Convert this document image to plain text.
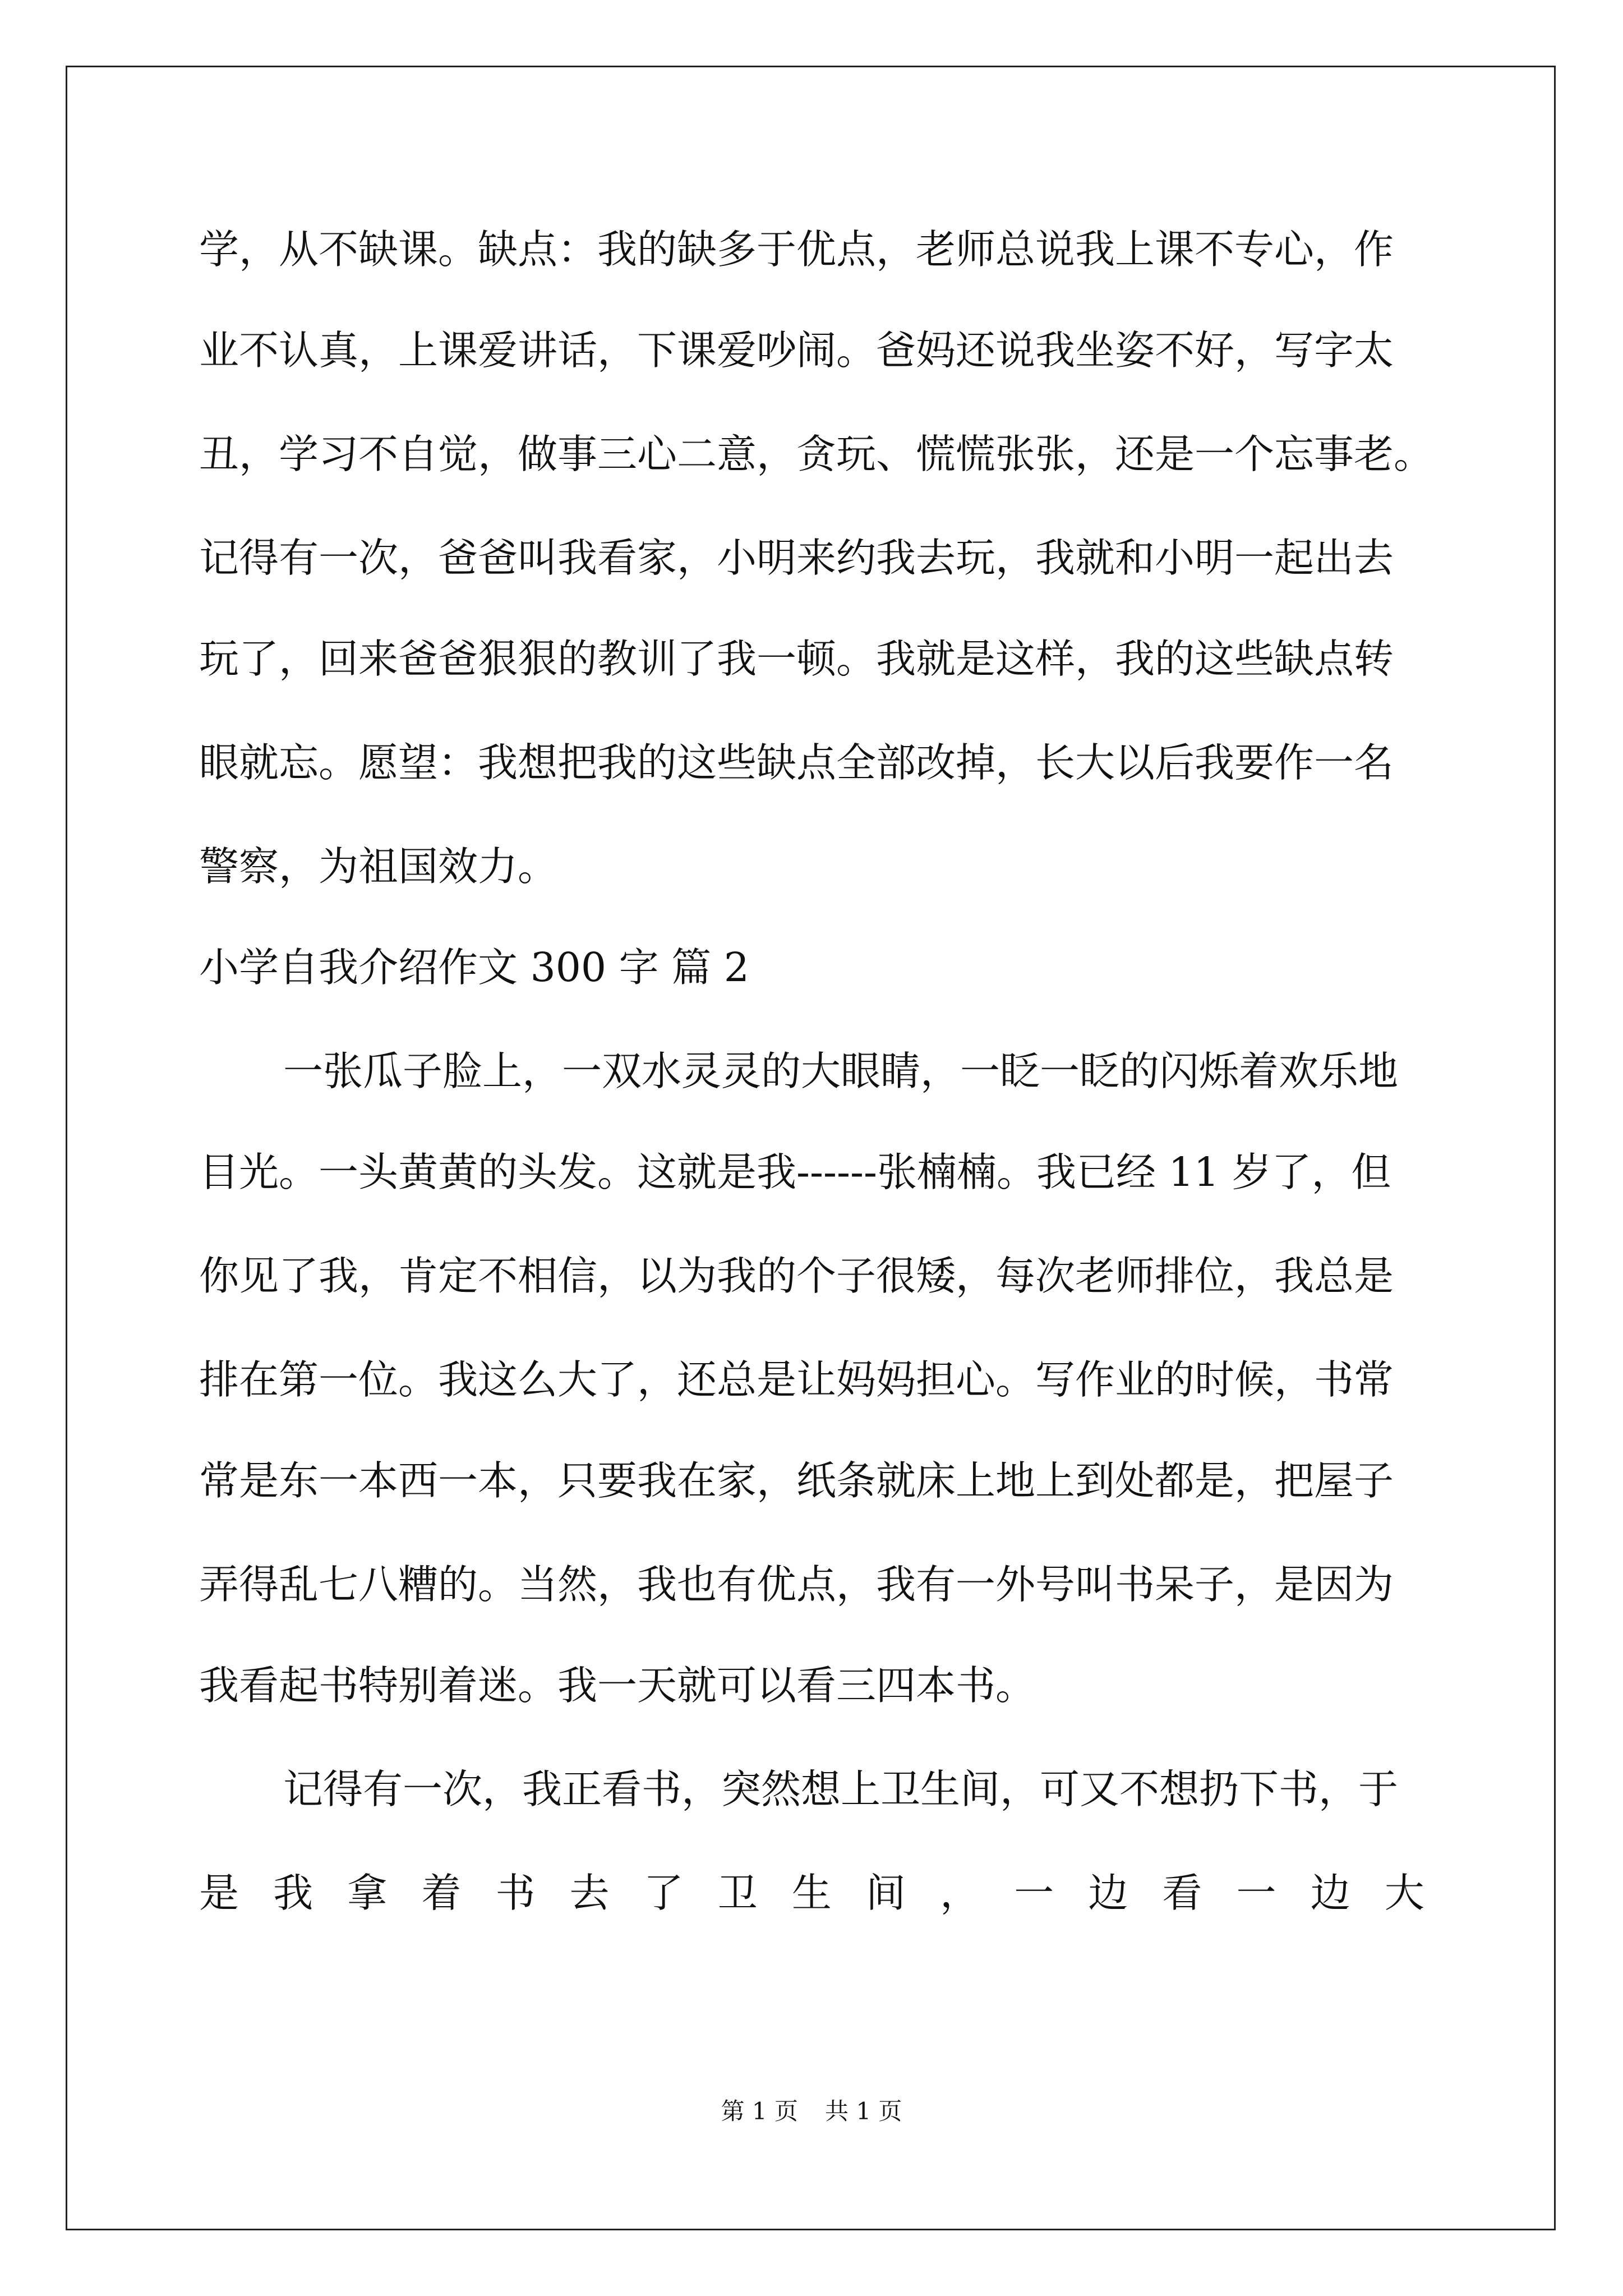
学，从不缺课。缺点：我的缺多于优点，老师总说我上课不专心，作
业不认真，上课爱讲话，下课爱吵闹。爸妈还说我坐姿不好，写字太
丑，学习不自觉，做事三心二意，贪玩、慌慌张张，还是一个忘事老。
记得有一次，爸爸叫我看家，小明来约我去玩，我就和小明一起出去
玩了，回来爸爸狠狠的教训了我一顿。我就是这样，我的这些缺点转
眼就忘。愿望：我想把我的这些缺点全部改掉，长大以后我要作一名
警察，为祖国效力。
小学自我介绍作文 300 字 篇 2
一张瓜子脸上，一双水灵灵的大眼睛，一眨一眨的闪烁着欢乐地
目光。一头黄黄的头发。这就是我------张楠楠。我已经 11 岁了，但
你见了我，肯定不相信，以为我的个子很矮，每次老师排位，我总是
排在第一位。我这么大了，还总是让妈妈担心。写作业的时候，书常
常是东一本西一本，只要我在家，纸条就床上地上到处都是，把屋子
弄得乱七八糟的。当然，我也有优点，我有一外号叫书呆子，是因为
我看起书特别着迷。我一天就可以看三四本书。
记得有一次，我正看书，突然想上卫生间，可又不想扔下书，于
是 我 拿 着 书 去 了 卫 生 间 ， 一 边 看 一 边 大
第 1 页 共 1 页
